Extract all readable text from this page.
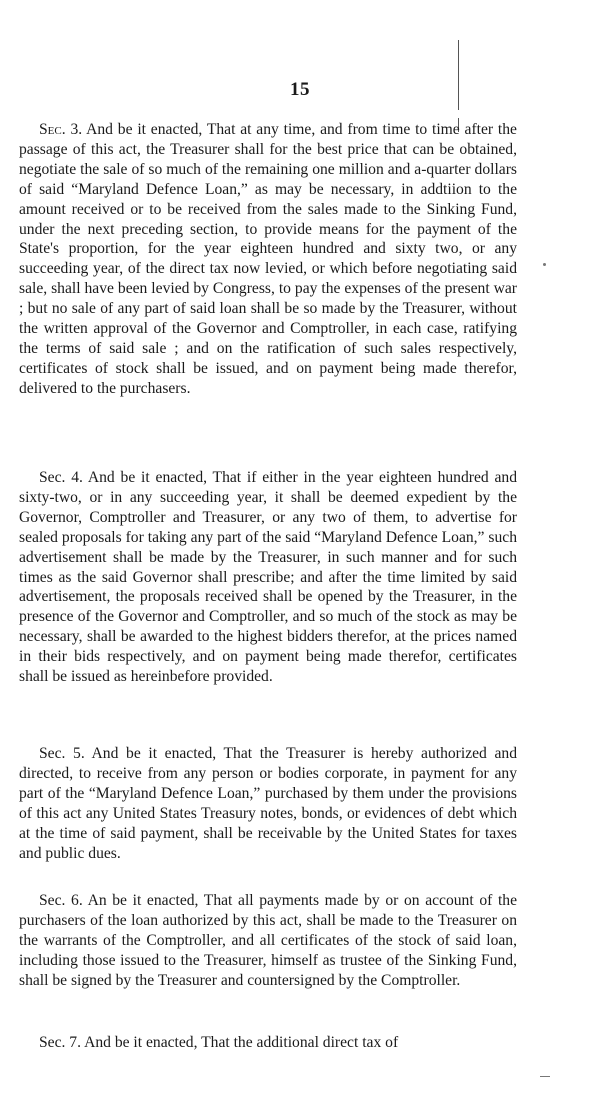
15
Sec. 3. And be it enacted, That at any time, and from time to time after the passage of this act, the Treasurer shall for the best price that can be obtained, negotiate the sale of so much of the remaining one million and a-quarter dollars of said “Maryland Defence Loan,” as may be necessary, in addtiion to the amount received or to be received from the sales made to the Sinking Fund, under the next preceding section, to provide means for the payment of the State's proportion, for the year eighteen hundred and sixty two, or any succeeding year, of the direct tax now levied, or which before negotiating said sale, shall have been levied by Congress, to pay the expenses of the present war ; but no sale of any part of said loan shall be so made by the Treasurer, without the written approval of the Governor and Comptroller, in each case, ratifying the terms of said sale ; and on the ratification of such sales respectively, certificates of stock shall be issued, and on payment being made therefor, delivered to the purchasers.
Sec. 4. And be it enacted, That if either in the year eighteen hundred and sixty-two, or in any succeeding year, it shall be deemed expedient by the Governor, Comptroller and Treasurer, or any two of them, to advertise for sealed proposals for taking any part of the said “Maryland Defence Loan,” such advertisement shall be made by the Treasurer, in such manner and for such times as the said Governor shall prescribe; and after the time limited by said advertisement, the proposals received shall be opened by the Treasurer, in the presence of the Governor and Comptroller, and so much of the stock as may be necessary, shall be awarded to the highest bidders therefor, at the prices named in their bids respectively, and on payment being made therefor, certificates shall be issued as hereinbefore provided.
Sec. 5. And be it enacted, That the Treasurer is hereby authorized and directed, to receive from any person or bodies corporate, in payment for any part of the “Maryland Defence Loan,” purchased by them under the provisions of this act any United States Treasury notes, bonds, or evidences of debt which at the time of said payment, shall be receivable by the United States for taxes and public dues.
Sec. 6. An be it enacted, That all payments made by or on account of the purchasers of the loan authorized by this act, shall be made to the Treasurer on the warrants of the Comptroller, and all certificates of the stock of said loan, including those issued to the Treasurer, himself as trustee of the Sinking Fund, shall be signed by the Treasurer and countersigned by the Comptroller.
Sec. 7. And be it enacted, That the additional direct tax of
